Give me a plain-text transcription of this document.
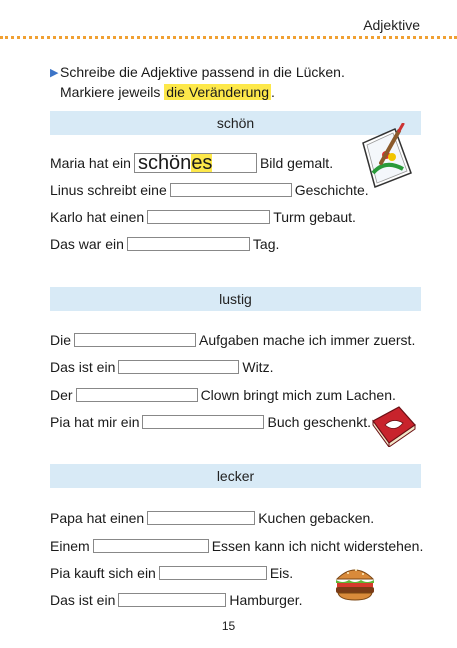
Adjektive
▶ Schreibe die Adjektive passend in die Lücken.
Markiere jeweils die Veränderung .
schön
Maria hat ein schön es	Bild gemalt.
Linus schreibt eine	Geschichte.
Karlo hat einen	Turm gebaut.
Das war ein	Tag.
lustig
Die	Aufgaben mache ich immer zuerst.
Das ist ein	Witz.
Der	Clown bringt mich zum Lachen.
Pia hat mir ein	Buch geschenkt.
lecker
Papa hat einen	Kuchen gebacken.
Einem	Essen kann ich nicht widerstehen.
Pia kauft sich ein	Eis.
Das ist ein	Hamburger.
15
